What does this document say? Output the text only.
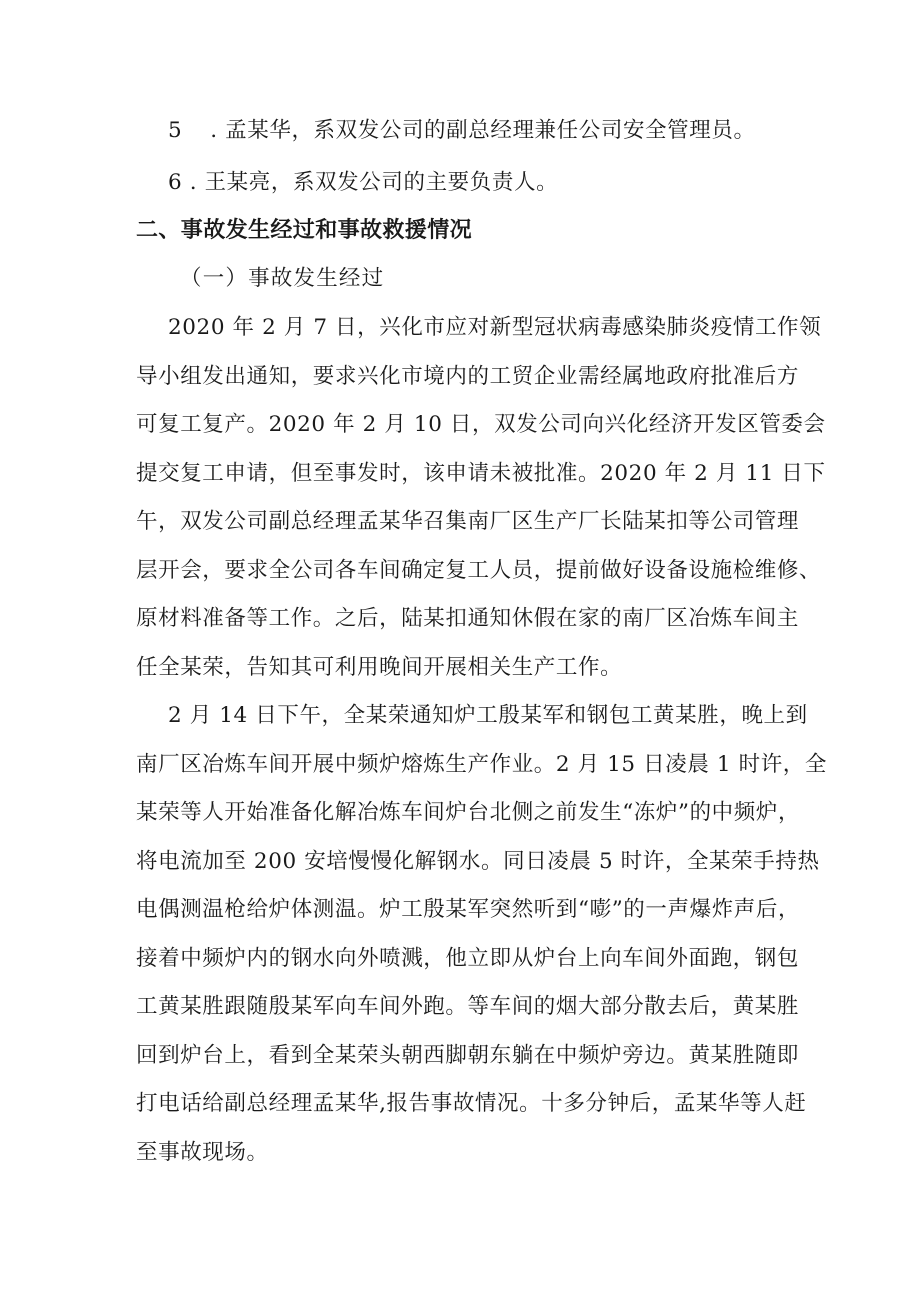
5 . 孟某华，系双发公司的副总经理兼任公司安全管理员。
6 . 王某亮，系双发公司的主要负责人。
二、事故发生经过和事故救援情况
（一）事故发生经过
2020 年 2 月 7 日，兴化市应对新型冠状病毒感染肺炎疫情工作领
导小组发出通知，要求兴化市境内的工贸企业需经属地政府批准后方
可复工复产。2020 年 2 月 10 日，双发公司向兴化经济开发区管委会
提交复工申请，但至事发时，该申请未被批准。2020 年 2 月 11 日下
午，双发公司副总经理孟某华召集南厂区生产厂长陆某扣等公司管理
层开会，要求全公司各车间确定复工人员，提前做好设备设施检维修、
原材料准备等工作。之后，陆某扣通知休假在家的南厂区冶炼车间主
任全某荣，告知其可利用晚间开展相关生产工作。
2 月 14 日下午，全某荣通知炉工殷某军和钢包工黄某胜，晚上到
南厂区冶炼车间开展中频炉熔炼生产作业。2 月 15 日凌晨 1 时许，全
某荣等人开始准备化解冶炼车间炉台北侧之前发生“冻炉”的中频炉，
将电流加至 200 安培慢慢化解钢水。同日凌晨 5 时许，全某荣手持热
电偶测温枪给炉体测温。炉工殷某军突然听到“嘭”的一声爆炸声后，
接着中频炉内的钢水向外喷溅，他立即从炉台上向车间外面跑，钢包
工黄某胜跟随殷某军向车间外跑。等车间的烟大部分散去后，黄某胜
回到炉台上，看到全某荣头朝西脚朝东躺在中频炉旁边。黄某胜随即
打电话给副总经理孟某华,报告事故情况。十多分钟后，孟某华等人赶
至事故现场。
